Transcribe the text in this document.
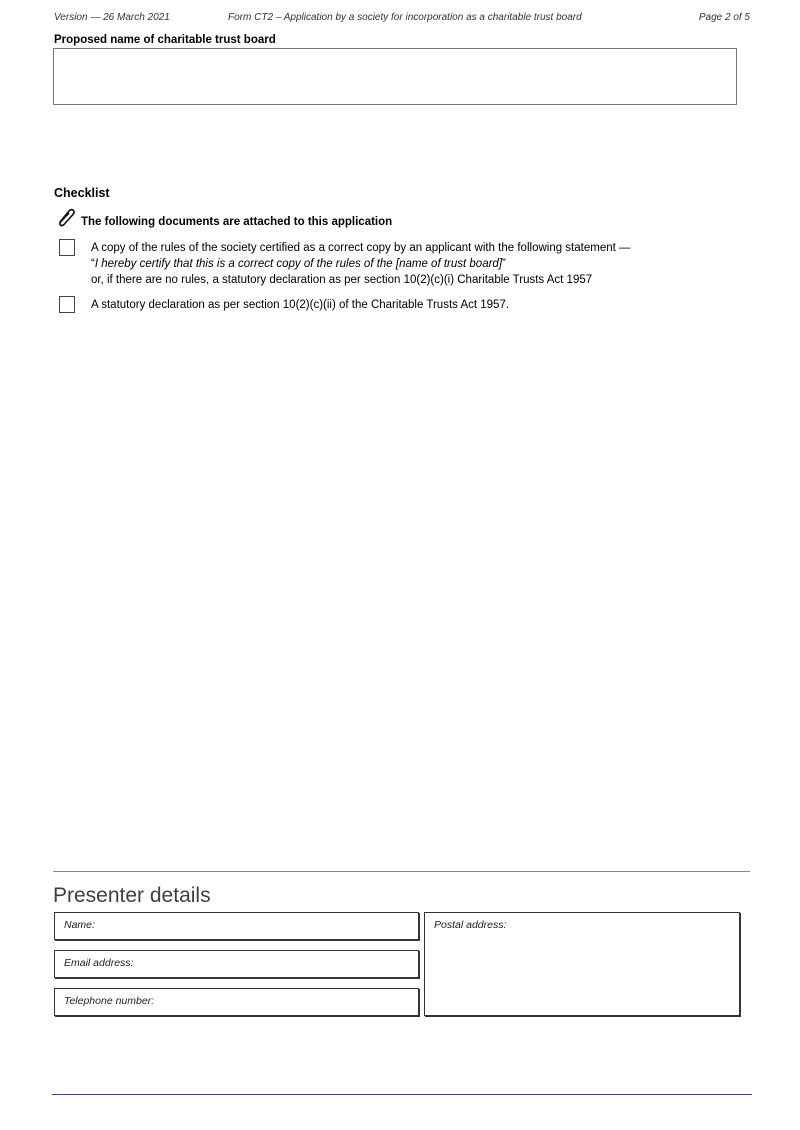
Version — 26 March 2021	Form CT2 – Application by a society for incorporation as a charitable trust board	Page 2 of 5
Proposed name of charitable trust board
Checklist
The following documents are attached to this application
A copy of the rules of the society certified as a correct copy by an applicant with the following statement —
“I hereby certify that this is a correct copy of the rules of the [name of trust board]”
or, if there are no rules, a statutory declaration as per section 10(2)(c)(i) Charitable Trusts Act 1957
A statutory declaration as per section 10(2)(c)(ii) of the Charitable Trusts Act 1957.
Presenter details
Name:
Email address:
Telephone number:
Postal address:
